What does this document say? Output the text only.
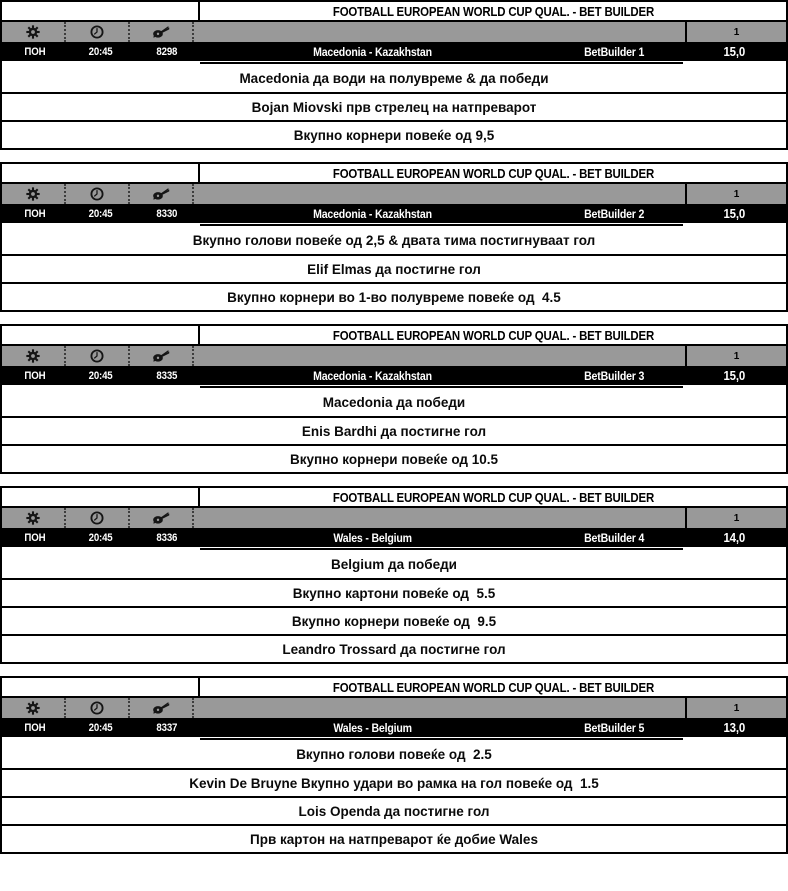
FOOTBALL EUROPEAN WORLD CUP QUAL. - BET BUILDER
1
ПОН	20:45	8298	Macedonia - Kazakhstan	BetBuilder 1	15,0
Macedonia да води на полувреме & да победи
Bojan Miovski прв стрелец на натпреварот
Вкупно корнери повеќе од 9,5
FOOTBALL EUROPEAN WORLD CUP QUAL. - BET BUILDER
1
ПОН	20:45	8330	Macedonia - Kazakhstan	BetBuilder 2	15,0
Вкупно голови повеќе од 2,5 & двата тима постигнуваат гол
Elif Elmas да постигне гол
Вкупно корнери во 1-во полувреме повеќе од  4.5
FOOTBALL EUROPEAN WORLD CUP QUAL. - BET BUILDER
1
ПОН	20:45	8335	Macedonia - Kazakhstan	BetBuilder 3	15,0
Macedonia да победи
Enis Bardhi да постигне гол
Вкупно корнери повеќе од 10.5
FOOTBALL EUROPEAN WORLD CUP QUAL. - BET BUILDER
1
ПОН	20:45	8336	Wales - Belgium	BetBuilder 4	14,0
Belgium да победи
Вкупно картони повеќе од  5.5
Вкупно корнери повеќе од  9.5
Leandro Trossard да постигне гол
FOOTBALL EUROPEAN WORLD CUP QUAL. - BET BUILDER
1
ПОН	20:45	8337	Wales - Belgium	BetBuilder 5	13,0
Вкупно голови повеќе од  2.5
Kevin De Bruyne Вкупно удари во рамка на гол повеќе од  1.5
Lois Openda да постигне гол
Прв картон на натпреварот ќе добие Wales
